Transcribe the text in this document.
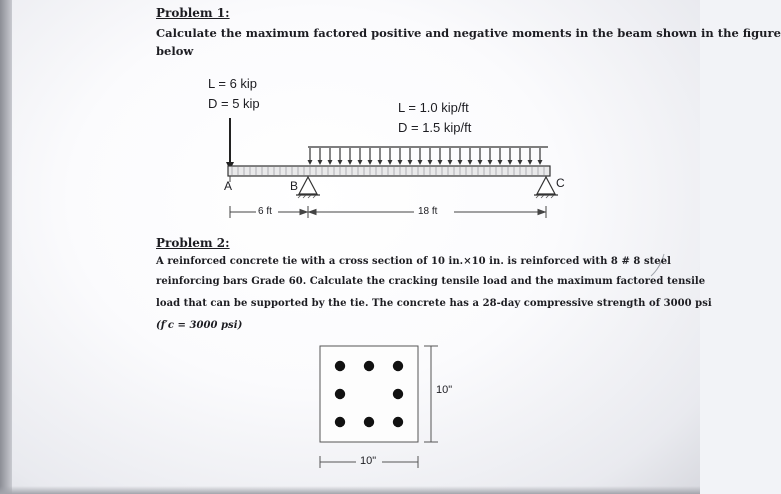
Problem 1:
Calculate the maximum factored positive and negative moments in the beam shown in the figure
below
L = 6 kip
D = 5 kip	L = 1.0 kip/ft
D = 1.5 kip/ft
A	B	C
6 ft	18 ft
Problem 2:
A reinforced concrete tie with a cross section of 10 in.×10 in. is reinforced with 8 # 8 steel
reinforcing bars Grade 60. Calculate the cracking tensile load and the maximum factored tensile
load that can be supported by the tie. The concrete has a 28-day compressive strength of 3000 psi
(f′c = 3000 psi)
10"
10"
